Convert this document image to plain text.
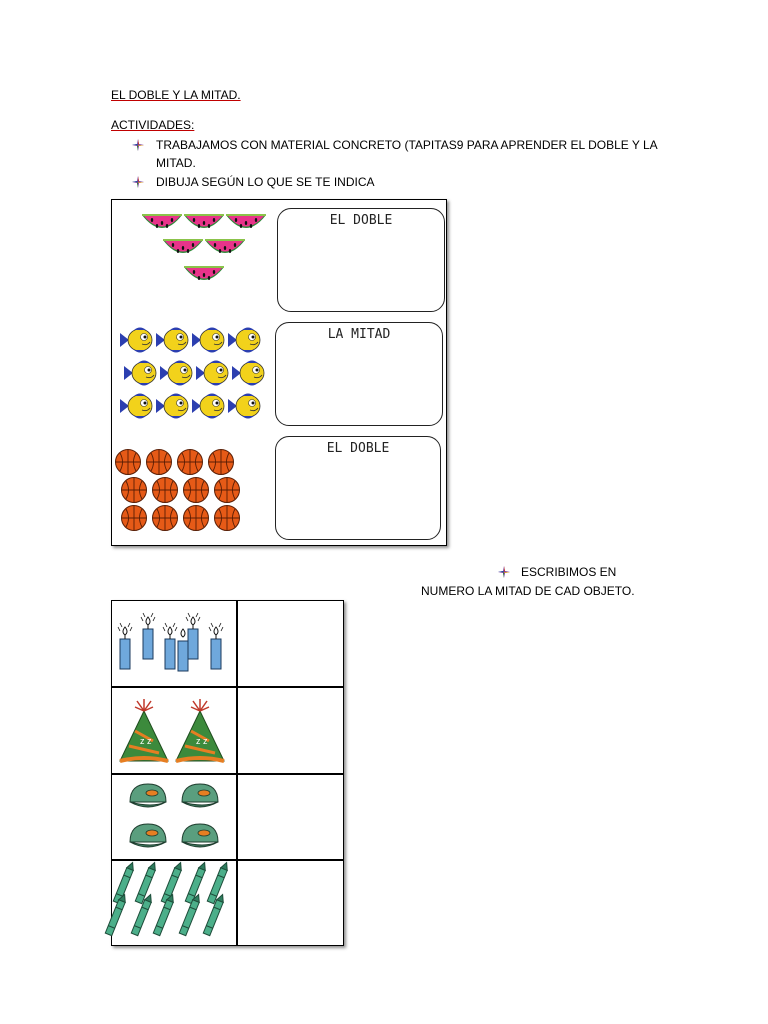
EL DOBLE Y LA MITAD.
ACTIVIDADES:
TRABAJAMOS CON MATERIAL CONCRETO (TAPITAS9 PARA APRENDER EL DOBLE Y LA
MITAD.
DIBUJA SEGÚN LO QUE SE TE INDICA
EL DOBLE
LA MITAD
EL DOBLE
ESCRIBIMOS EN
NUMERO LA MITAD DE CAD OBJETO.
z z	z z
